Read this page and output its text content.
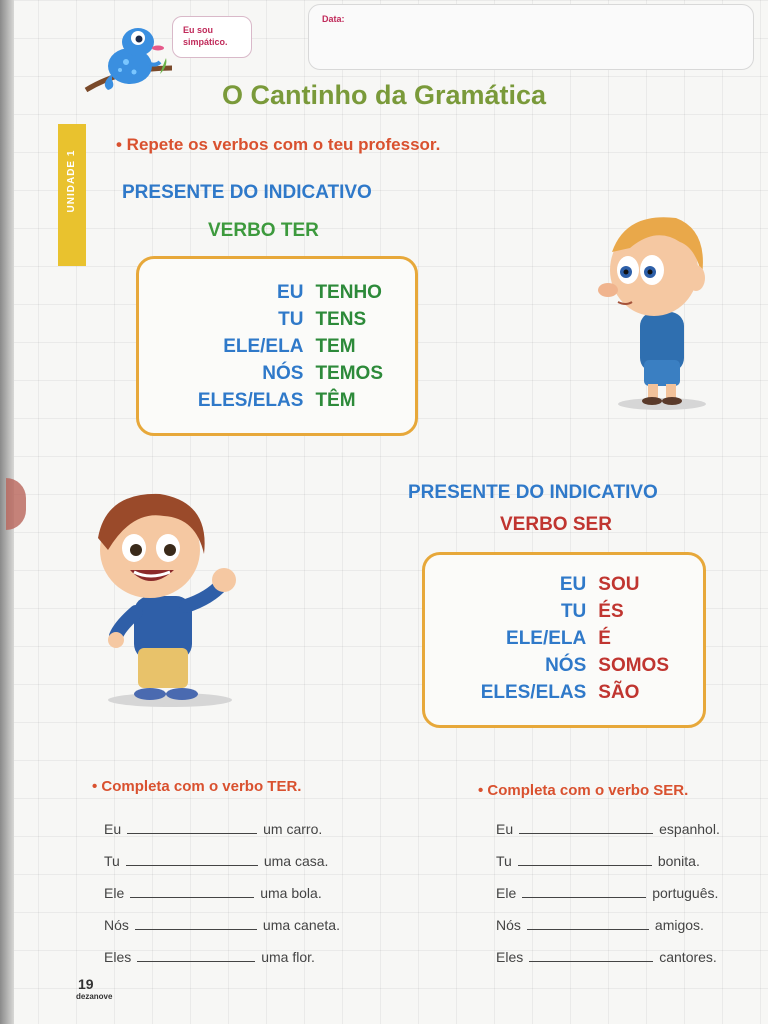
Eu sou
simpático.
Data:
O Cantinho da Gramática
UNIDADE 1
• Repete os verbos com o teu professor.
PRESENTE DO INDICATIVO
VERBO TER
EU TENHO
TU TENS
ELE/ELA TEM
NÓS TEMOS
ELES/ELAS TÊM
PRESENTE DO INDICATIVO
VERBO SER
EU SOU
TU ÉS
ELE/ELA É
NÓS SOMOS
ELES/ELAS SÃO
• Completa com o verbo TER.
Eu	um carro.
Tu	uma casa.
Ele	uma bola.
Nós	uma caneta.
Eles	uma flor.
• Completa com o verbo SER.
Eu	espanhol.
Tu	bonita.
Ele	português.
Nós	amigos.
Eles	cantores.
19
dezanove
